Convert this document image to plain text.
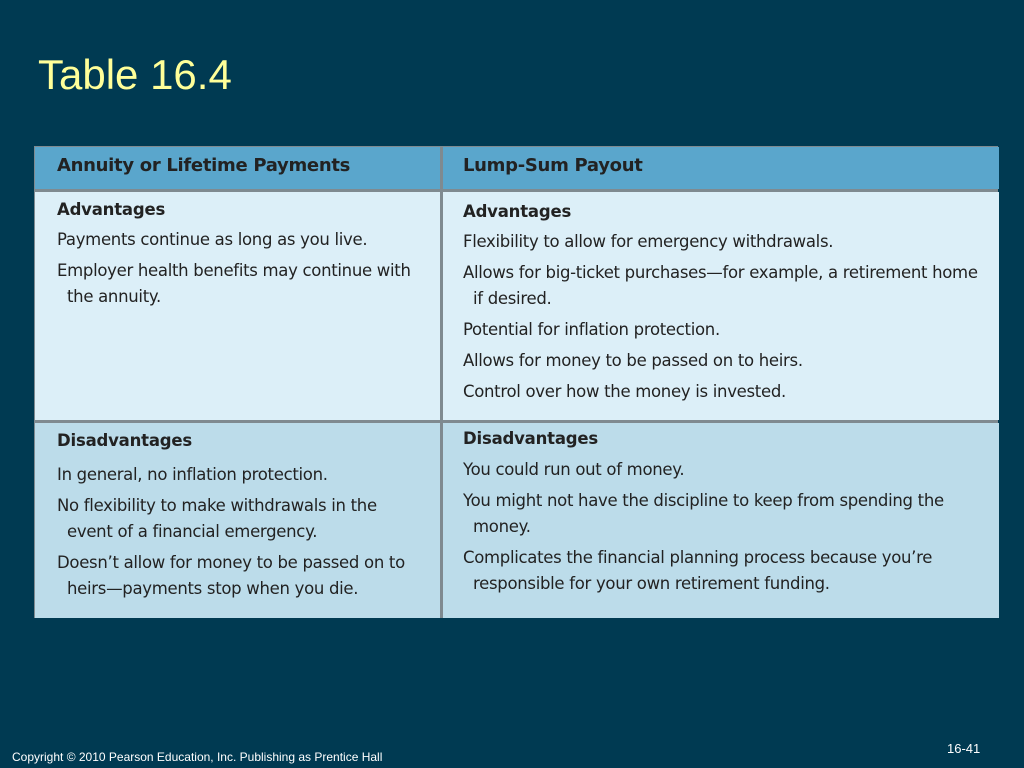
Table 16.4
Annuity or Lifetime Payments	Lump-Sum Payout
Advantages
Payments continue as long as you live.
Employer health benefits may continue with the annuity.
Advantages
Flexibility to allow for emergency withdrawals.
Allows for big-ticket purchases—for example, a retirement home if desired.
Potential for inflation protection.
Allows for money to be passed on to heirs.
Control over how the money is invested.
Disadvantages
In general, no inflation protection.
No flexibility to make withdrawals in the event of a financial emergency.
Doesn’t allow for money to be passed on to heirs—payments stop when you die.
Disadvantages
You could run out of money.
You might not have the discipline to keep from spending the money.
Complicates the financial planning process because you’re responsible for your own retirement funding.
Copyright © 2010 Pearson Education, Inc. Publishing as Prentice Hall
16-41
